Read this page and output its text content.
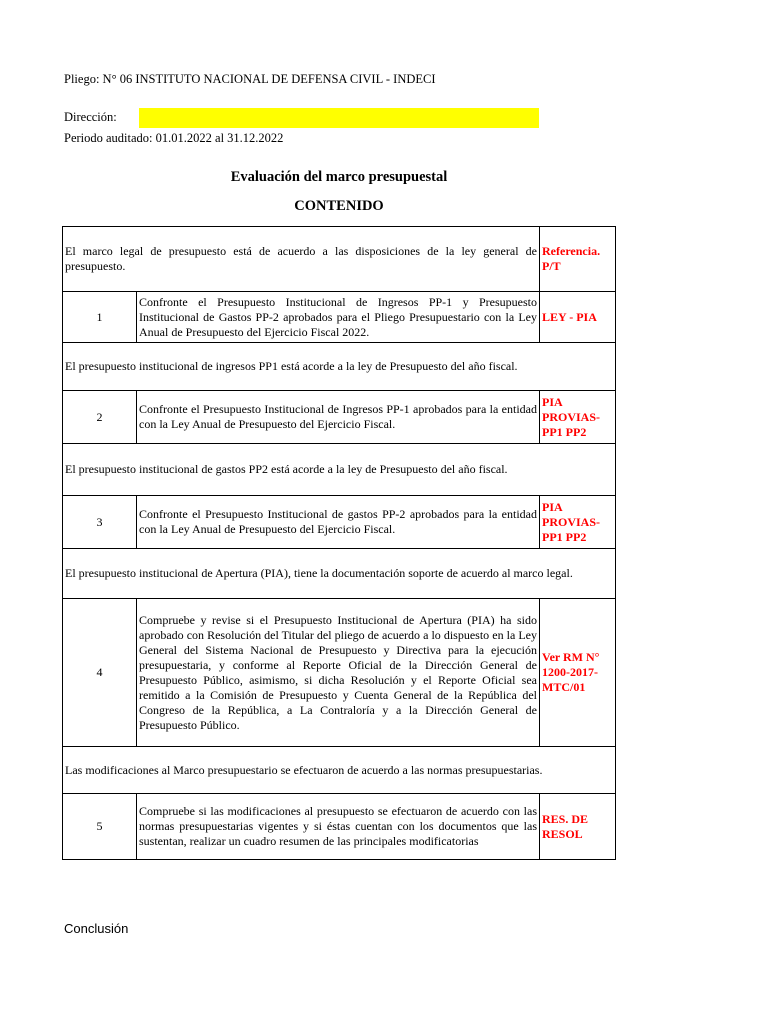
Pliego: N° 06 INSTITUTO NACIONAL DE DEFENSA CIVIL - INDECI
Dirección:
Periodo auditado: 01.01.2022 al 31.12.2022
Evaluación del marco presupuestal
CONTENIDO
El marco legal de presupuesto está de acuerdo a las disposiciones de la ley general de presupuesto.		Referencia. P/T
1	Confronte el Presupuesto Institucional de Ingresos PP-1 y Presupuesto Institucional de Gastos PP-2 aprobados para el Pliego Presupuestario con la Ley Anual de Presupuesto del Ejercicio Fiscal 2022.	LEY - PIA
El presupuesto institucional de ingresos PP1 está acorde a la ley de Presupuesto del año fiscal.		
2	Confronte el Presupuesto Institucional de Ingresos PP-1 aprobados para la entidad con la Ley Anual de Presupuesto del Ejercicio Fiscal.	PIA PROVIAS-PP1 PP2
El presupuesto institucional de gastos PP2 está acorde a la ley de Presupuesto del año fiscal.		
3	Confronte el Presupuesto Institucional de gastos PP-2 aprobados para la entidad con la Ley Anual de Presupuesto del Ejercicio Fiscal.	PIA PROVIAS-PP1 PP2
El presupuesto institucional de Apertura (PIA), tiene la documentación soporte de acuerdo al marco legal.		
4	Compruebe y revise si el Presupuesto Institucional de Apertura (PIA) ha sido aprobado con Resolución del Titular del pliego de acuerdo a lo dispuesto en la Ley General del Sistema Nacional de Presupuesto y Directiva para la ejecución presupuestaria, y conforme al Reporte Oficial de la Dirección General de Presupuesto Público, asimismo, si dicha Resolución y el Reporte Oficial sea remitido a la Comisión de Presupuesto y Cuenta General de la República del Congreso de la República, a La Contraloría y a la Dirección General de Presupuesto Público.	Ver RM N° 1200-2017-MTC/01
Las modificaciones al Marco presupuestario se efectuaron de acuerdo a las normas presupuestarias.		
5	Compruebe si las modificaciones al presupuesto se efectuaron de acuerdo con las normas presupuestarias vigentes y si éstas cuentan con los documentos que las sustentan, realizar un cuadro resumen de las principales modificatorias	RES. DE RESOL
Conclusión
